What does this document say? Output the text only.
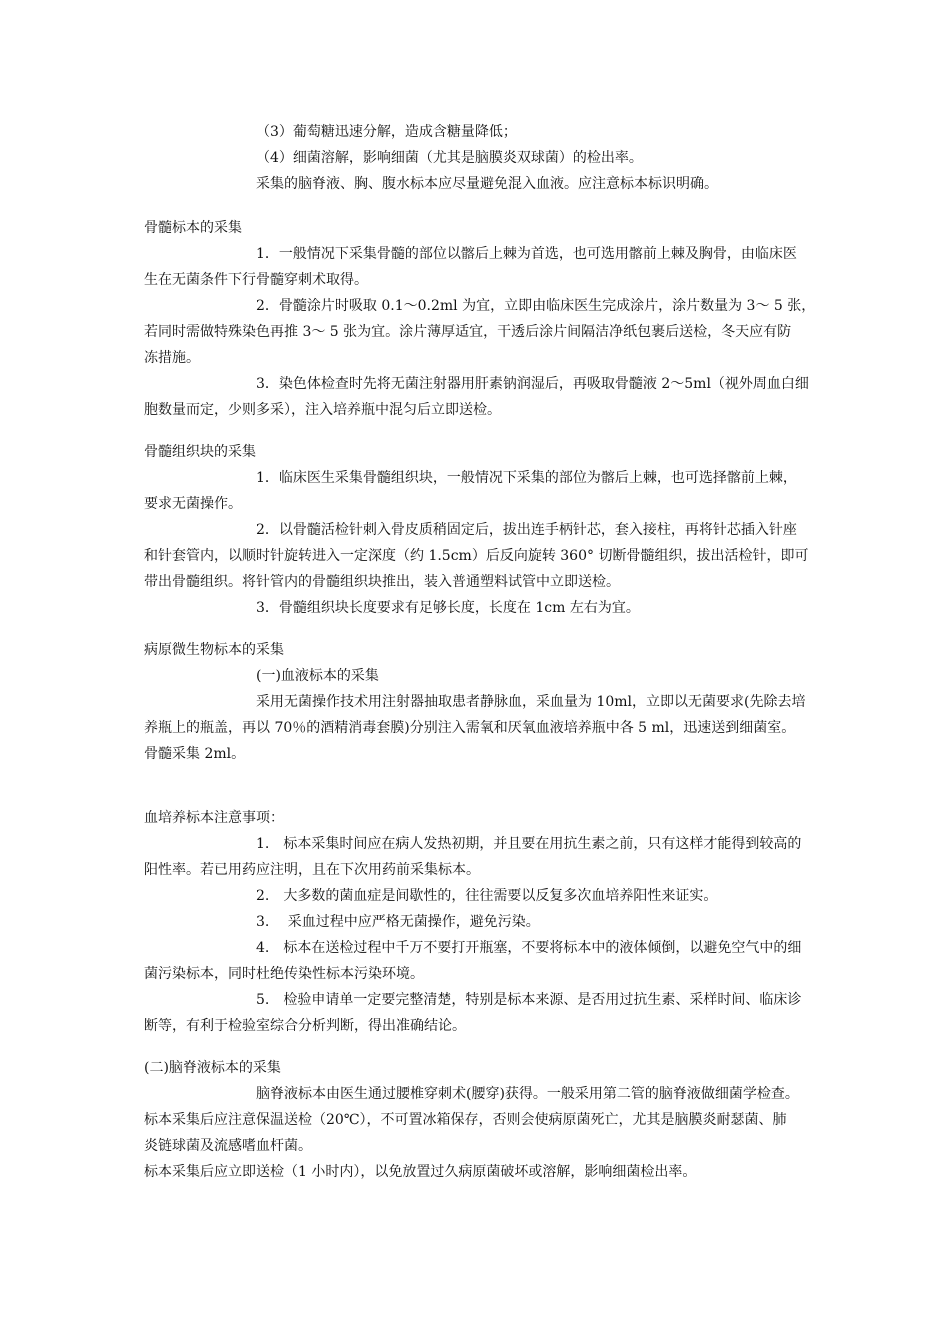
（3）葡萄糖迅速分解，造成含糖量降低；
（4）细菌溶解，影响细菌（尤其是脑膜炎双球菌）的检出率。
采集的脑脊液、胸、腹水标本应尽量避免混入血液。应注意标本标识明确。
骨髓标本的采集
1．一般情况下采集骨髓的部位以髂后上棘为首选，也可选用髂前上棘及胸骨，由临床医
生在无菌条件下行骨髓穿刺术取得。
2．骨髓涂片时吸取 0.1～0.2ml 为宜，立即由临床医生完成涂片，涂片数量为 3～ 5 张，
若同时需做特殊染色再推 3～ 5 张为宜。涂片薄厚适宜，干透后涂片间隔洁净纸包裹后送检，冬天应有防
冻措施。
3．染色体检查时先将无菌注射器用肝素钠润湿后，再吸取骨髓液 2～5ml（视外周血白细
胞数量而定，少则多采），注入培养瓶中混匀后立即送检。
骨髓组织块的采集
1．临床医生采集骨髓组织块，一般情况下采集的部位为髂后上棘，也可选择髂前上棘，
要求无菌操作。
2．以骨髓活检针刺入骨皮质稍固定后，拔出连手柄针芯，套入接柱，再将针芯插入针座
和针套管内，以顺时针旋转进入一定深度（约 1.5cm）后反向旋转 360° 切断骨髓组织，拔出活检针，即可
带出骨髓组织。将针管内的骨髓组织块推出，装入普通塑料试管中立即送检。
3．骨髓组织块长度要求有足够长度，长度在 1cm 左右为宜。
病原微生物标本的采集
(一)血液标本的采集
采用无菌操作技术用注射器抽取患者静脉血，采血量为 10ml，立即以无菌要求(先除去培
养瓶上的瓶盖，再以 70％的酒精消毒套膜)分别注入需氧和厌氧血液培养瓶中各 5 ml，迅速送到细菌室。
骨髓采集 2ml。
血培养标本注意事项：
1.　标本采集时间应在病人发热初期，并且要在用抗生素之前，只有这样才能得到较高的
阳性率。若已用药应注明，且在下次用药前采集标本。
2.　大多数的菌血症是间歇性的，往往需要以反复多次血培养阳性来证实。
3.　 采血过程中应严格无菌操作，避免污染。
4.　标本在送检过程中千万不要打开瓶塞，不要将标本中的液体倾倒，以避免空气中的细
菌污染标本，同时杜绝传染性标本污染环境。
5.　检验申请单一定要完整清楚，特别是标本来源、是否用过抗生素、采样时间、临床诊
断等，有利于检验室综合分析判断，得出准确结论。
(二)脑脊液标本的采集
脑脊液标本由医生通过腰椎穿刺术(腰穿)获得。一般采用第二管的脑脊液做细菌学检查。
标本采集后应注意保温送检（20℃），不可置冰箱保存，否则会使病原菌死亡，尤其是脑膜炎耐瑟菌、肺
炎链球菌及流感嗜血杆菌。
标本采集后应立即送检（1 小时内），以免放置过久病原菌破坏或溶解，影响细菌检出率。
